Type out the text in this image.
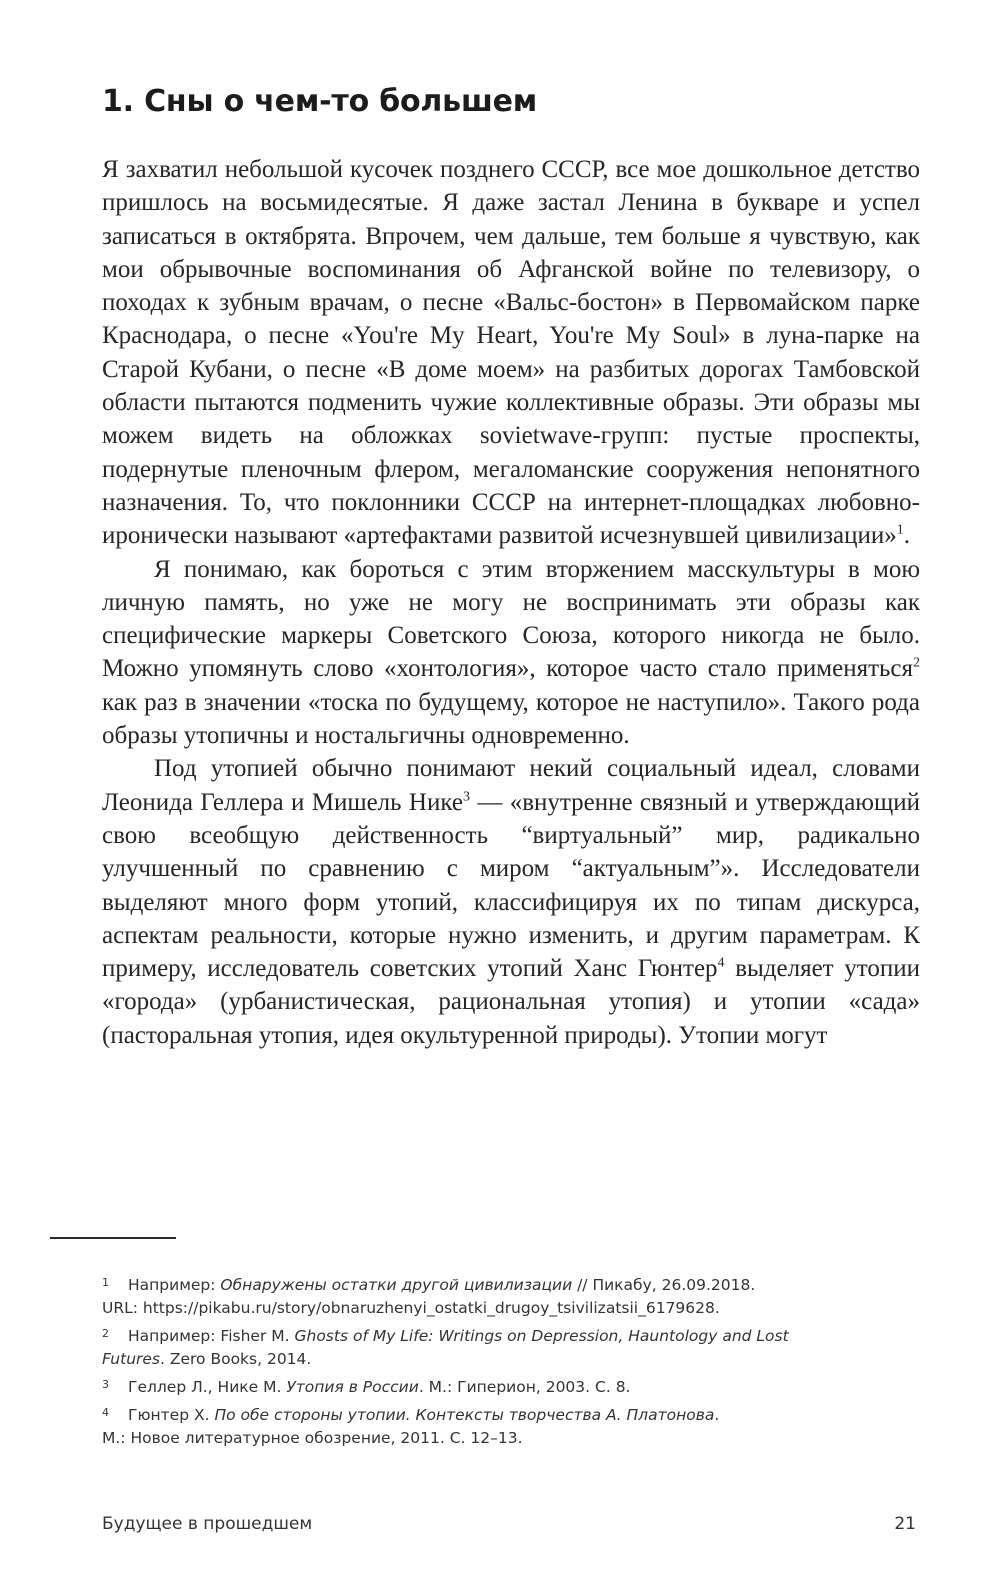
1. Сны о чем-то большем

Я захватил небольшой кусочек позднего СССР, все мое дошкольное детство пришлось на восьмидесятые. Я даже застал Ленина в букваре и успел записаться в октябрята. Впрочем, чем дальше, тем больше я чувствую, как мои обрывочные воспоминания об Афганской войне по телевизору, о походах к зубным врачам, о песне «Вальс-бостон» в Первомайском парке Краснодара, о песне «You're My Heart, You're My Soul» в луна-парке на Старой Кубани, о песне «В доме моем» на разбитых дорогах Тамбовской области пытаются подменить чужие коллективные образы. Эти образы мы можем видеть на обложках sovietwave-групп: пустые проспекты, подернутые пленочным флером, мегаломанские сооружения непонятного назначения. То, что поклонники СССР на интернет-площадках любовно-иронически называют «артефактами развитой исчезнувшей цивилизации»$^1$.

Я понимаю, как бороться с этим вторжением масскультуры в мою личную память, но уже не могу не воспринимать эти образы как специфические маркеры Советского Союза, которого никогда не было. Можно упомянуть слово «хонтология», которое часто стало применяться$^2$ как раз в значении «тоска по будущему, которое не наступило». Такого рода образы утопичны и ностальгичны одновременно.

Под утопией обычно понимают некий социальный идеал, словами Леонида Геллера и Мишель Нике$^3$ — «внутренне связный и утверждающий свою всеобщую действенность “виртуальный” мир, радикально улучшенный по сравнению с миром “актуальным”». Исследователи выделяют много форм утопий, классифицируя их по типам дискурса, аспектам реальности, которые нужно изменить, и другим параметрам. К примеру, исследователь советских утопий Ханс Гюнтер$^4$ выделяет утопии «города» (урбанистическая, рациональная утопия) и утопии «сада» (пасторальная утопия, идея окультуренной природы). Утопии могут

1 Например: Обнаружены остатки другой цивилизации // Пикабу, 26.09.2018.
URL: https://pikabu.ru/story/obnaruzhenyi_ostatki_drugoy_tsivilizatsii_6179628.
2 Например: Fisher M. Ghosts of My Life: Writings on Depression, Hauntology and Lost
Futures. Zero Books, 2014.
3 Геллер Л., Нике М. Утопия в России. М.: Гиперион, 2003. С. 8.
4 Гюнтер Х. По обе стороны утопии. Контексты творчества А. Платонова.
М.: Новое литературное обозрение, 2011. С. 12–13.
Будущее в прошедшем	21
